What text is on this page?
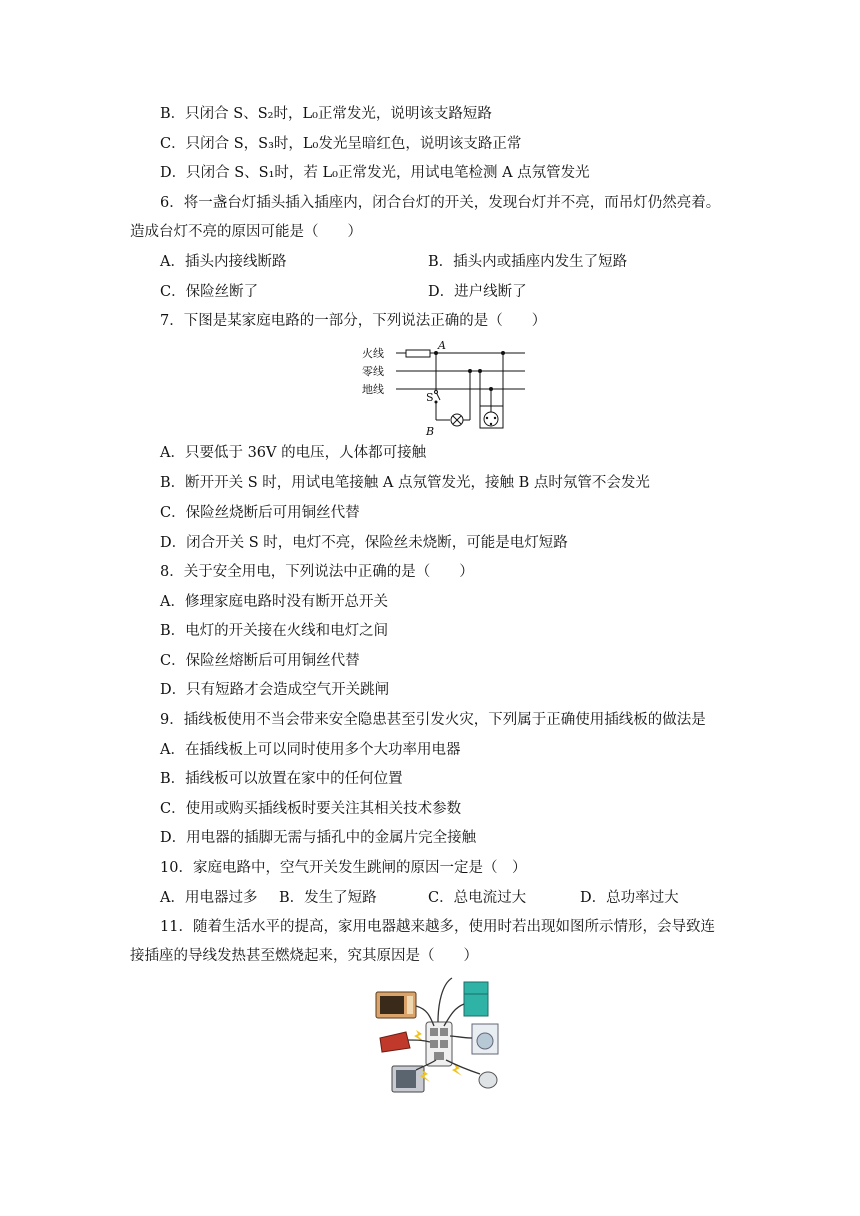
B．只闭合 S、S₂时，L₀正常发光，说明该支路短路
C．只闭合 S，S₃时，L₀发光呈暗红色，说明该支路正常
D．只闭合 S、S₁时，若 L₀正常发光，用试电笔检测 A 点氖管发光
6．将一盏台灯插头插入插座内，闭合台灯的开关，发现台灯并不亮，而吊灯仍然亮着。
造成台灯不亮的原因可能是（　　）
A．插头内接线断路	B．插头内或插座内发生了短路
C．保险丝断了	D．进户线断了
7．下图是某家庭电路的一部分，下列说法正确的是（　　）
火线
零线
地线
A
S
B
A．只要低于 36V 的电压，人体都可接触
B．断开开关 S 时，用试电笔接触 A 点氖管发光，接触 B 点时氖管不会发光
C．保险丝烧断后可用铜丝代替
D．闭合开关 S 时，电灯不亮，保险丝未烧断，可能是电灯短路
8．关于安全用电，下列说法中正确的是（　　）
A．修理家庭电路时没有断开总开关
B．电灯的开关接在火线和电灯之间
C．保险丝熔断后可用铜丝代替
D．只有短路才会造成空气开关跳闸
9．插线板使用不当会带来安全隐患甚至引发火灾，下列属于正确使用插线板的做法是
A．在插线板上可以同时使用多个大功率用电器
B．插线板可以放置在家中的任何位置
C．使用或购买插线板时要关注其相关技术参数
D．用电器的插脚无需与插孔中的金属片完全接触
10．家庭电路中，空气开关发生跳闸的原因一定是（　）
A．用电器过多 B．发生了短路	C．总电流过大	D．总功率过大
11．随着生活水平的提高，家用电器越来越多，使用时若出现如图所示情形，会导致连
接插座的导线发热甚至燃烧起来，究其原因是（　　）
